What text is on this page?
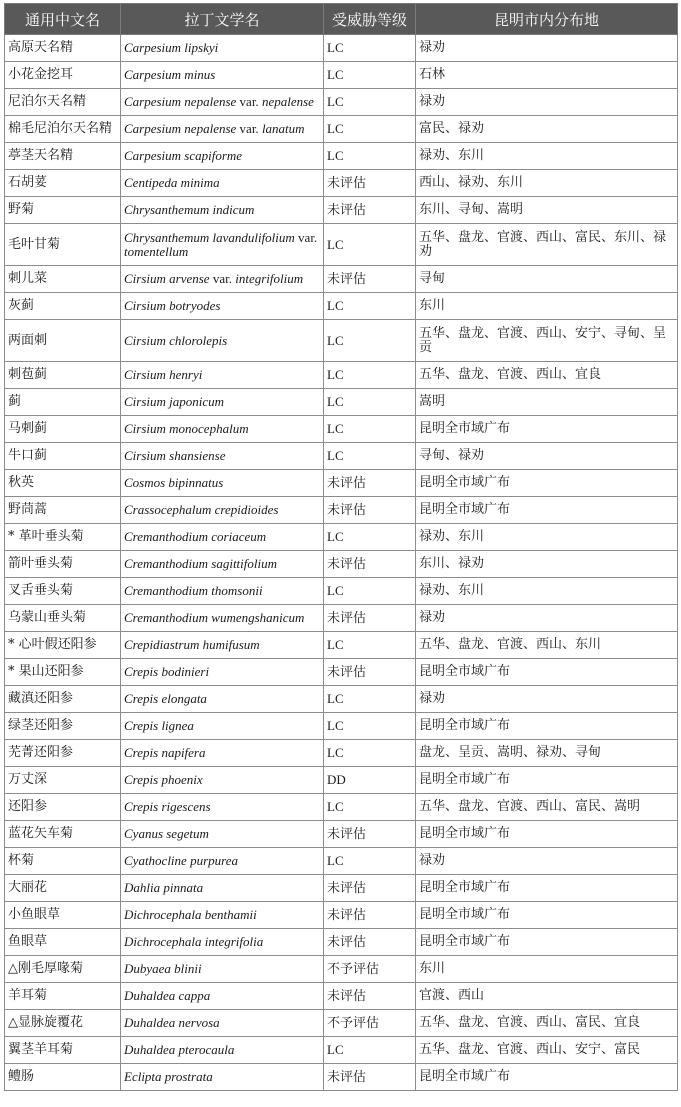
通用中文名	拉丁文学名	受威胁等级	昆明市内分布地
高原天名精	Carpesium lipskyi	LC	禄劝
小花金挖耳	Carpesium minus	LC	石林
尼泊尔天名精	Carpesium nepalense var. nepalense	LC	禄劝
棉毛尼泊尔天名精	Carpesium nepalense var. lanatum	LC	富民、禄劝
葶茎天名精	Carpesium scapiforme	LC	禄劝、东川
石胡荽	Centipeda minima	未评估	西山、禄劝、东川
野菊	Chrysanthemum indicum	未评估	东川、寻甸、嵩明
毛叶甘菊	Chrysanthemum lavandulifolium var. tomentellum	LC	五华、盘龙、官渡、西山、富民、东川、禄劝
刺儿菜	Cirsium arvense var. integrifolium	未评估	寻甸
灰蓟	Cirsium botryodes	LC	东川
两面刺	Cirsium chlorolepis	LC	五华、盘龙、官渡、西山、安宁、寻甸、呈贡
刺苞蓟	Cirsium henryi	LC	五华、盘龙、官渡、西山、宜良
蓟	Cirsium japonicum	LC	嵩明
马刺蓟	Cirsium monocephalum	LC	昆明全市域广布
牛口蓟	Cirsium shansiense	LC	寻甸、禄劝
秋英	Cosmos bipinnatus	未评估	昆明全市域广布
野茼蒿	Crassocephalum crepidioides	未评估	昆明全市域广布
* 革叶垂头菊	Cremanthodium coriaceum	LC	禄劝、东川
箭叶垂头菊	Cremanthodium sagittifolium	未评估	东川、禄劝
叉舌垂头菊	Cremanthodium thomsonii	LC	禄劝、东川
乌蒙山垂头菊	Cremanthodium wumengshanicum	未评估	禄劝
* 心叶假还阳参	Crepidiastrum humifusum	LC	五华、盘龙、官渡、西山、东川
* 果山还阳参	Crepis bodinieri	未评估	昆明全市域广布
藏滇还阳参	Crepis elongata	LC	禄劝
绿茎还阳参	Crepis lignea	LC	昆明全市域广布
芜菁还阳参	Crepis napifera	LC	盘龙、呈贡、嵩明、禄劝、寻甸
万丈深	Crepis phoenix	DD	昆明全市域广布
还阳参	Crepis rigescens	LC	五华、盘龙、官渡、西山、富民、嵩明
蓝花矢车菊	Cyanus segetum	未评估	昆明全市域广布
杯菊	Cyathocline purpurea	LC	禄劝
大丽花	Dahlia pinnata	未评估	昆明全市域广布
小鱼眼草	Dichrocephala benthamii	未评估	昆明全市域广布
鱼眼草	Dichrocephala integrifolia	未评估	昆明全市域广布
△刚毛厚喙菊	Dubyaea blinii	不予评估	东川
羊耳菊	Duhaldea cappa	未评估	官渡、西山
△显脉旋覆花	Duhaldea nervosa	不予评估	五华、盘龙、官渡、西山、富民、宜良
翼茎羊耳菊	Duhaldea pterocaula	LC	五华、盘龙、官渡、西山、安宁、富民
鳢肠	Eclipta prostrata	未评估	昆明全市域广布
